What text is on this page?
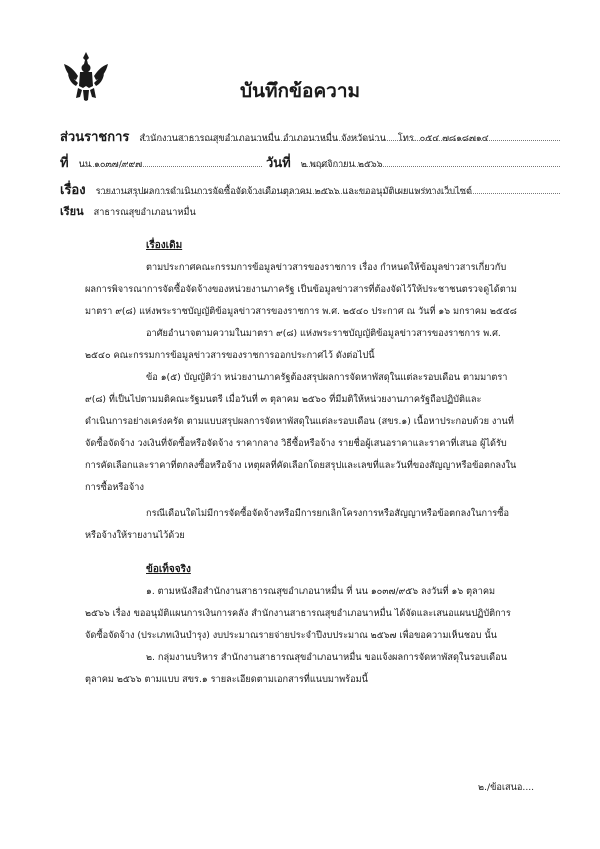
บันทึกข้อความ
ส่วนราชการ สำนักงานสาธารณสุขอำเภอนาหมื่น อำเภอนาหมื่น จังหวัดน่าน โทร. ๐๕๔ ๗๘๑๘๗๑๔
ที่ นน ๑๐๓๗/๙๙๗	วันที่ ๒ พฤศจิกายน ๒๕๖๖
เรื่อง รายงานสรุปผลการดำเนินการจัดซื้อจัดจ้างเดือนตุลาคม ๒๕๖๖ และขออนุมัติเผยแพร่ทางเว็บไซต์
เรียน สาธารณสุขอำเภอนาหมื่น
เรื่องเดิม
ตามประกาศคณะกรรมการข้อมูลข่าวสารของราชการ เรื่อง กำหนดให้ข้อมูลข่าวสารเกี่ยวกับ
ผลการพิจารณาการจัดซื้อจัดจ้างของหน่วยงานภาครัฐ เป็นข้อมูลข่าวสารที่ต้องจัดไว้ให้ประชาชนตรวจดูได้ตาม
มาตรา ๙(๘) แห่งพระราชบัญญัติข้อมูลข่าวสารของราชการ พ.ศ. ๒๕๔๐ ประกาศ ณ วันที่ ๑๖ มกราคม ๒๕๕๘
อาศัยอำนาจตามความในมาตรา ๙(๘) แห่งพระราชบัญญัติข้อมูลข่าวสารของราชการ พ.ศ.
๒๕๔๐ คณะกรรมการข้อมูลข่าวสารของราชการออกประกาศไว้ ดังต่อไปนี้
ข้อ ๑(๕) บัญญัติว่า หน่วยงานภาครัฐต้องสรุปผลการจัดหาพัสดุในแต่ละรอบเดือน ตามมาตรา
๙(๘) ที่เป็นไปตามมติคณะรัฐมนตรี เมื่อวันที่ ๓ ตุลาคม ๒๕๖๐ ที่มีมติให้หน่วยงานภาครัฐถือปฏิบัติและ
ดำเนินการอย่างเคร่งครัด ตามแบบสรุปผลการจัดหาพัสดุในแต่ละรอบเดือน (สขร.๑) เนื้อหาประกอบด้วย งานที่
จัดซื้อจัดจ้าง วงเงินที่จัดซื้อหรือจัดจ้าง ราคากลาง วิธีซื้อหรือจ้าง รายชื่อผู้เสนอราคาและราคาที่เสนอ ผู้ได้รับ
การคัดเลือกและราคาที่ตกลงซื้อหรือจ้าง เหตุผลที่คัดเลือกโดยสรุปและเลขที่และวันที่ของสัญญาหรือข้อตกลงใน
การซื้อหรือจ้าง
กรณีเดือนใดไม่มีการจัดซื้อจัดจ้างหรือมีการยกเลิกโครงการหรือสัญญาหรือข้อตกลงในการซื้อ
หรือจ้างให้รายงานไว้ด้วย
ข้อเท็จจริง
๑. ตามหนังสือสำนักงานสาธารณสุขอำเภอนาหมื่น ที่ นน ๑๐๓๗/๙๕๖ ลงวันที่ ๑๖ ตุลาคม
๒๕๖๖ เรื่อง ขออนุมัติแผนการเงินการคลัง สำนักงานสาธารณสุขอำเภอนาหมื่น ได้จัดและเสนอแผนปฏิบัติการ
จัดซื้อจัดจ้าง (ประเภทเงินบำรุง) งบประมาณรายจ่ายประจำปีงบประมาณ ๒๕๖๗ เพื่อขอความเห็นชอบ นั้น
๒. กลุ่มงานบริหาร สำนักงานสาธารณสุขอำเภอนาหมื่น ขอแจ้งผลการจัดหาพัสดุในรอบเดือน
ตุลาคม ๒๕๖๖ ตามแบบ สขร.๑ รายละเอียดตามเอกสารที่แนบมาพร้อมนี้
๒./ข้อเสนอ....
